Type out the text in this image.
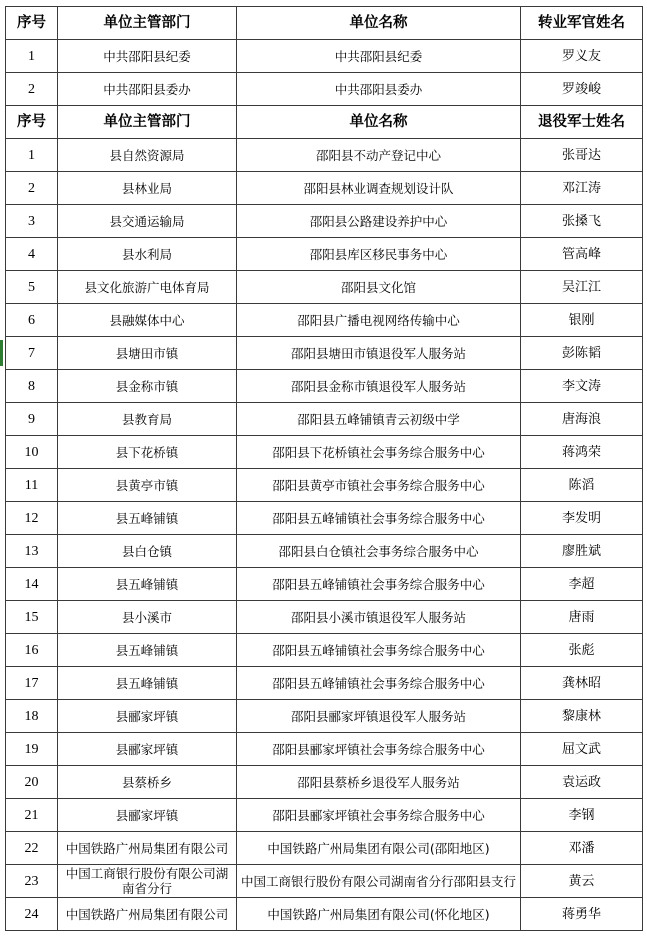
序号	单位主管部门	单位名称	转业军官姓名
1	中共邵阳县纪委	中共邵阳县纪委	罗义友
2	中共邵阳县委办	中共邵阳县委办	罗竣峻
序号	单位主管部门	单位名称	退役军士姓名
1	县自然资源局	邵阳县不动产登记中心	张哥达
2	县林业局	邵阳县林业调查规划设计队	邓江涛
3	县交通运输局	邵阳县公路建设养护中心	张搡飞
4	县水利局	邵阳县库区移民事务中心	管高峰
5	县文化旅游广电体育局	邵阳县文化馆	吴江江
6	县融媒体中心	邵阳县广播电视网络传输中心	银刚
7	县塘田市镇	邵阳县塘田市镇退役军人服务站	彭陈韬
8	县金称市镇	邵阳县金称市镇退役军人服务站	李文涛
9	县教育局	邵阳县五峰铺镇青云初级中学	唐海浪
10	县下花桥镇	邵阳县下花桥镇社会事务综合服务中心	蒋鸿荣
11	县黄亭市镇	邵阳县黄亭市镇社会事务综合服务中心	陈滔
12	县五峰铺镇	邵阳县五峰铺镇社会事务综合服务中心	李发明
13	县白仓镇	邵阳县白仓镇社会事务综合服务中心	廖胜斌
14	县五峰铺镇	邵阳县五峰铺镇社会事务综合服务中心	李超
15	县小溪市	邵阳县小溪市镇退役军人服务站	唐雨
16	县五峰铺镇	邵阳县五峰铺镇社会事务综合服务中心	张彪
17	县五峰铺镇	邵阳县五峰铺镇社会事务综合服务中心	龚林昭
18	县郦家坪镇	邵阳县郦家坪镇退役军人服务站	黎康林
19	县郦家坪镇	邵阳县郦家坪镇社会事务综合服务中心	屈文武
20	县蔡桥乡	邵阳县蔡桥乡退役军人服务站	袁运政
21	县郦家坪镇	邵阳县郦家坪镇社会事务综合服务中心	李钢
22	中国铁路广州局集团有限公司	中国铁路广州局集团有限公司(邵阳地区)	邓潘
23	中国工商银行股份有限公司湖南省分行	中国工商银行股份有限公司湖南省分行邵阳县支行	黄云
24	中国铁路广州局集团有限公司	中国铁路广州局集团有限公司(怀化地区)	蒋勇华
